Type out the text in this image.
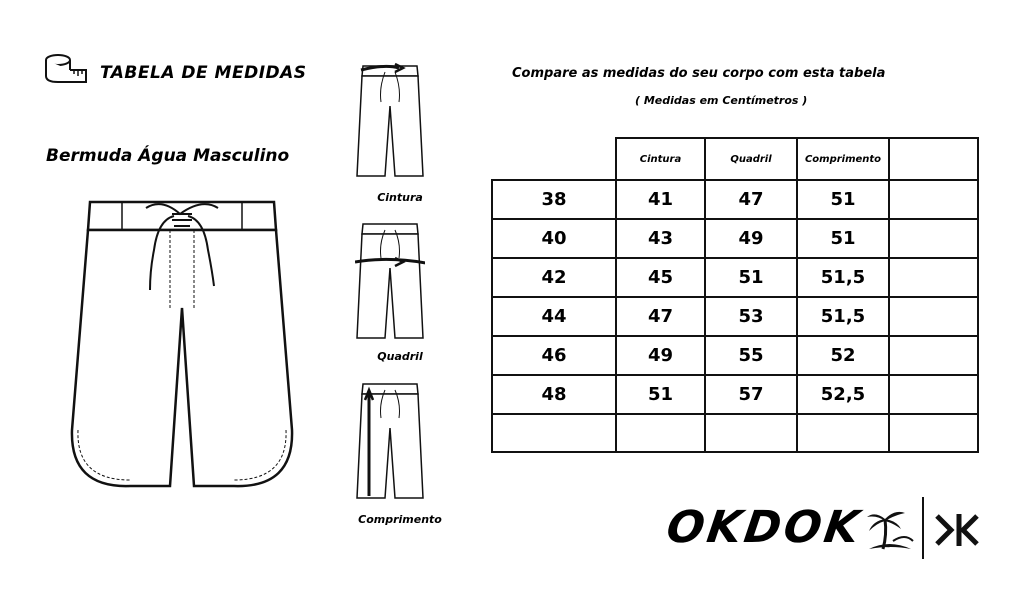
TABELA DE MEDIDAS
Bermuda Água Masculino
Cintura
Quadril
Comprimento
Compare as medidas do seu corpo com esta tabela
( Medidas em Centímetros )
	Cintura	Quadril	Comprimento	
38	41	47	51	
40	43	49	51	
42	45	51	51,5	
44	47	53	51,5	
46	49	55	52	
48	51	57	52,5	

OKDOK
